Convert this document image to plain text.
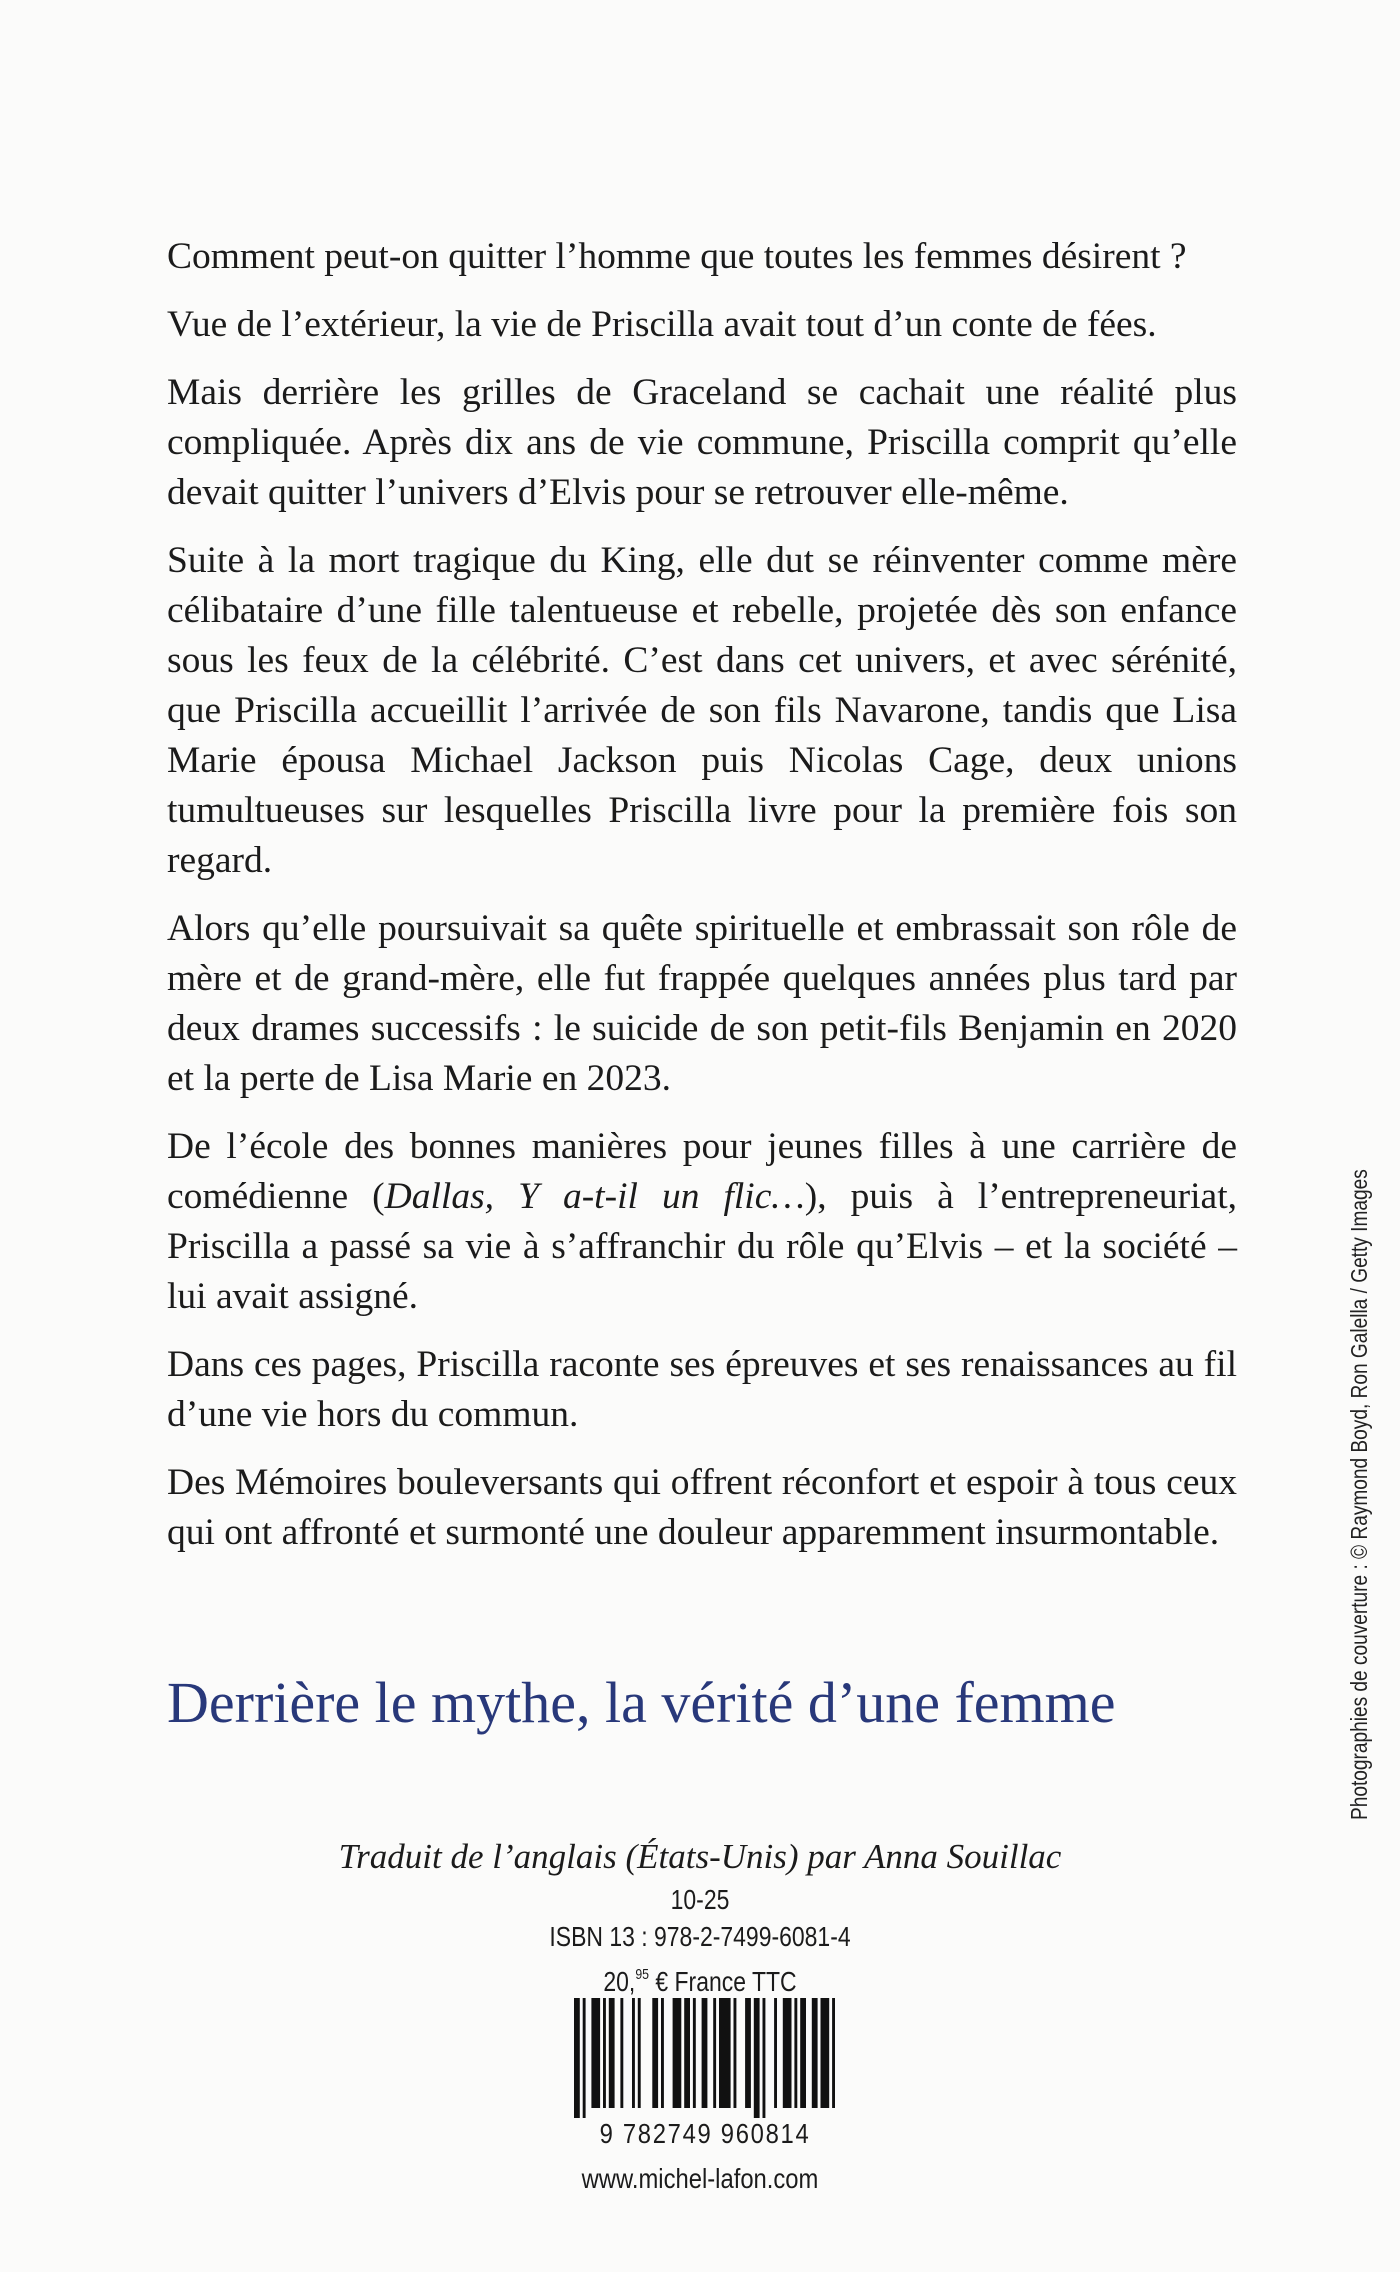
Comment peut-on quitter l’homme que toutes les femmes désirent ?

Vue de l’extérieur, la vie de Priscilla avait tout d’un conte de fées.

Mais derrière les grilles de Graceland se cachait une réalité plus compliquée. Après dix ans de vie commune, Priscilla comprit qu’elle devait quitter l’univers d’Elvis pour se retrouver elle-même.

Suite à la mort tragique du King, elle dut se réinventer comme mère célibataire d’une fille talentueuse et rebelle, projetée dès son enfance sous les feux de la célébrité. C’est dans cet univers, et avec sérénité, que Priscilla accueillit l’arrivée de son fils Navarone, tandis que Lisa Marie épousa Michael Jackson puis Nicolas Cage, deux unions tumultueuses sur lesquelles Priscilla livre pour la première fois son regard.

Alors qu’elle poursuivait sa quête spirituelle et embrassait son rôle de mère et de grand-mère, elle fut frappée quelques années plus tard par deux drames successifs : le suicide de son petit-fils Benjamin en 2020 et la perte de Lisa Marie en 2023.

De l’école des bonnes manières pour jeunes filles à une carrière de comédienne (Dallas, Y a-t-il un flic…), puis à l’entrepreneuriat, Priscilla a passé sa vie à s’affranchir du rôle qu’Elvis – et la société – lui avait assigné.

Dans ces pages, Priscilla raconte ses épreuves et ses renaissances au fil d’une vie hors du commun.

Des Mémoires bouleversants qui offrent réconfort et espoir à tous ceux qui ont affronté et surmonté une douleur apparemment insurmontable.

Derrière le mythe, la vérité d’une femme
Traduit de l’anglais (États-Unis) par Anna Souillac
10-25
ISBN 13 : 978-2-7499-6081-4
20,95 € France TTC
9 782749 960814
www.michel-lafon.com
Photographies de couverture : © Raymond Boyd, Ron Galella / Getty Images
